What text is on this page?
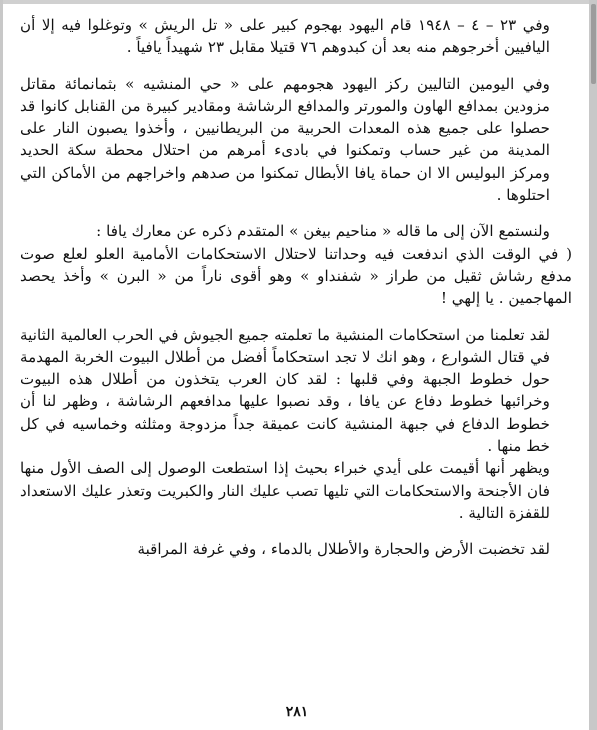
وفي ٢٣ – ٤ – ١٩٤٨ قام اليهود بهجوم كبير على « تل الريش » وتوغلوا فيه إلا أن اليافيين أخرجوهم منه بعد أن كبدوهم ٧٦ قتيلا مقابل ٢٣ شهيداً يافياً .

وفي اليومين التاليين ركز اليهود هجومهم على « حي المنشيه » بثمانمائة مقاتل مزودين بمدافع الهاون والمورتر والمدافع الرشاشة ومقادير كبيرة من القنابل كانوا قد حصلوا على جميع هذه المعدات الحربية من البريطانيين ، وأخذوا يصبون النار على المدينة من غير حساب وتمكنوا في بادىء أمرهم من احتلال محطة سكة الحديد ومركز البوليس الا ان حماة يافا الأبطال تمكنوا من صدهم واخراجهم من الأماكن التي احتلوها .

ولنستمع الآن إلى ما قاله « مناحيم بيغن » المتقدم ذكره عن معارك يافا :

( في الوقت الذي اندفعت فيه وحداتنا لاحتلال الاستحكامات الأمامية العلو لعلع صوت مدفع رشاش ثقيل من طراز « شفنداو » وهو أقوى ناراً من « البرن » وأخذ يحصد المهاجمين . يا إلهي !

لقد تعلمنا من استحكامات المنشية ما تعلمته جميع الجيوش في الحرب العالمية الثانية في قتال الشوارع ، وهو انك لا تجد استحكاماً أفضل من أطلال البيوت الخربة المهدمة حول خطوط الجبهة وفي قلبها : لقد كان العرب يتخذون من أطلال هذه البيوت وخرائبها خطوط دفاع عن يافا ، وقد نصبوا عليها مدافعهم الرشاشة ، وظهر لنا أن خطوط الدفاع في جبهة المنشية كانت عميقة جداً مزدوجة ومثلثه وخماسيه في كل خط منها .

ويظهر أنها أقيمت على أيدي خبراء بحيث إذا استطعت الوصول إلى الصف الأول منها فان الأجنحة والاستحكامات التي تليها تصب عليك النار والكبريت وتعذر عليك الاستعداد للقفزة التالية .

لقد تخضبت الأرض والحجارة والأطلال بالدماء ، وفي غرفة المراقبة

٢٨١
